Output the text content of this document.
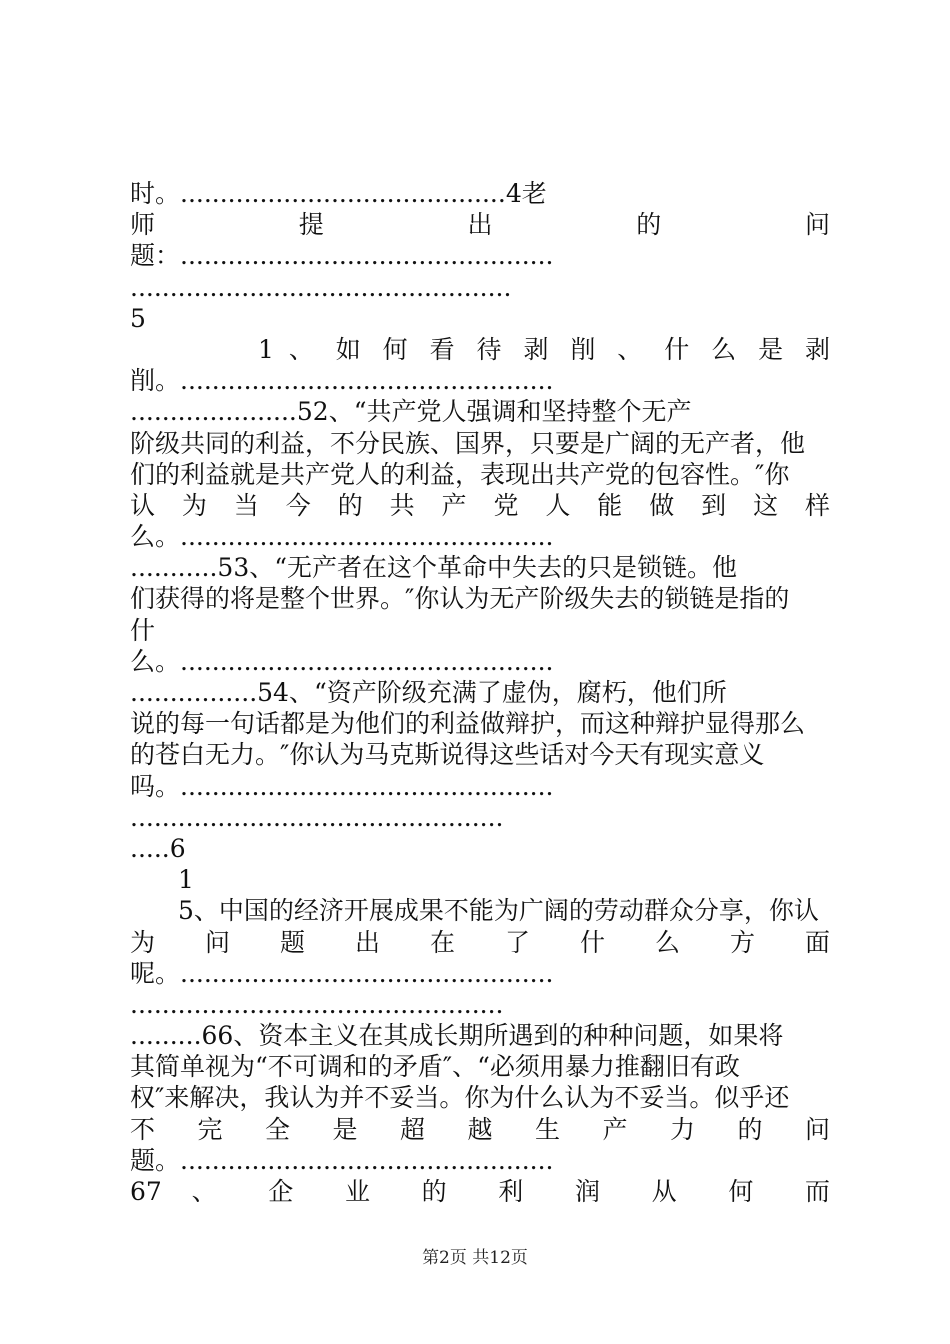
时。.........................................4老
师 提 出 的 问
题：...............................................
................................................
5
1 、 如 何 看 待 剥 削 、 什 么 是 剥
削。...............................................
.....................52、“共产党人强调和坚持整个无产
阶级共同的利益，不分民族、国界，只要是广阔的无产者，他
们的利益就是共产党人的利益，表现出共产党的包容性。″你
认 为 当 今 的 共 产 党 人 能 做 到 这 样
么。...............................................
...........53、“无产者在这个革命中失去的只是锁链。他
们获得的将是整个世界。″你认为无产阶级失去的锁链是指的
什
么。...............................................
................54、“资产阶级充满了虚伪，腐朽，他们所
说的每一句话都是为他们的利益做辩护，而这种辩护显得那么
的苍白无力。″你认为马克斯说得这些话对今天有现实意义
吗。...............................................
...............................................
.....6
1
5、中国的经济开展成果不能为广阔的劳动群众分享，你认
为 问 题 出 在 了 什 么 方 面
呢。...............................................
...............................................
.........66、资本主义在其成长期所遇到的种种问题，如果将
其简单视为“不可调和的矛盾″、“必须用暴力推翻旧有政
权″来解决，我认为并不妥当。你为什么认为不妥当。似乎还
不 完 全 是 超 越 生 产 力 的 问
题。...............................................
67 、 企 业 的 利 润 从 何 而
第2页 共12页
